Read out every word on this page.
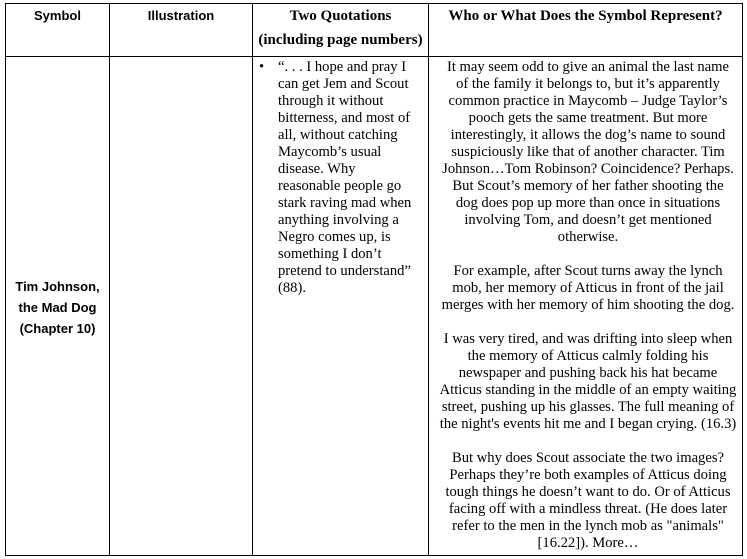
Symbol	Illustration	Two Quotations
(including page numbers)
Who or What Does the Symbol Represent?
Tim Johnson,
the Mad Dog
(Chapter 10)
• “. . . I hope and pray I
can get Jem and Scout
through it without
bitterness, and most of
all, without catching
Maycomb’s usual
disease. Why
reasonable people go
stark raving mad when
anything involving a
Negro comes up, is
something I don’t
pretend to understand”
(88).
It may seem odd to give an animal the last name
of the family it belongs to, but it’s apparently
common practice in Maycomb – Judge Taylor’s
pooch gets the same treatment. But more
interestingly, it allows the dog’s name to sound
suspiciously like that of another character. Tim
Johnson…Tom Robinson? Coincidence? Perhaps.
But Scout’s memory of her father shooting the
dog does pop up more than once in situations
involving Tom, and doesn’t get mentioned
otherwise.
For example, after Scout turns away the lynch
mob, her memory of Atticus in front of the jail
merges with her memory of him shooting the dog.
I was very tired, and was drifting into sleep when
the memory of Atticus calmly folding his
newspaper and pushing back his hat became
Atticus standing in the middle of an empty waiting
street, pushing up his glasses. The full meaning of
the night's events hit me and I began crying. (16.3)
But why does Scout associate the two images?
Perhaps they’re both examples of Atticus doing
tough things he doesn’t want to do. Or of Atticus
facing off with a mindless threat. (He does later
refer to the men in the lynch mob as "animals"
[16.22]). More…
